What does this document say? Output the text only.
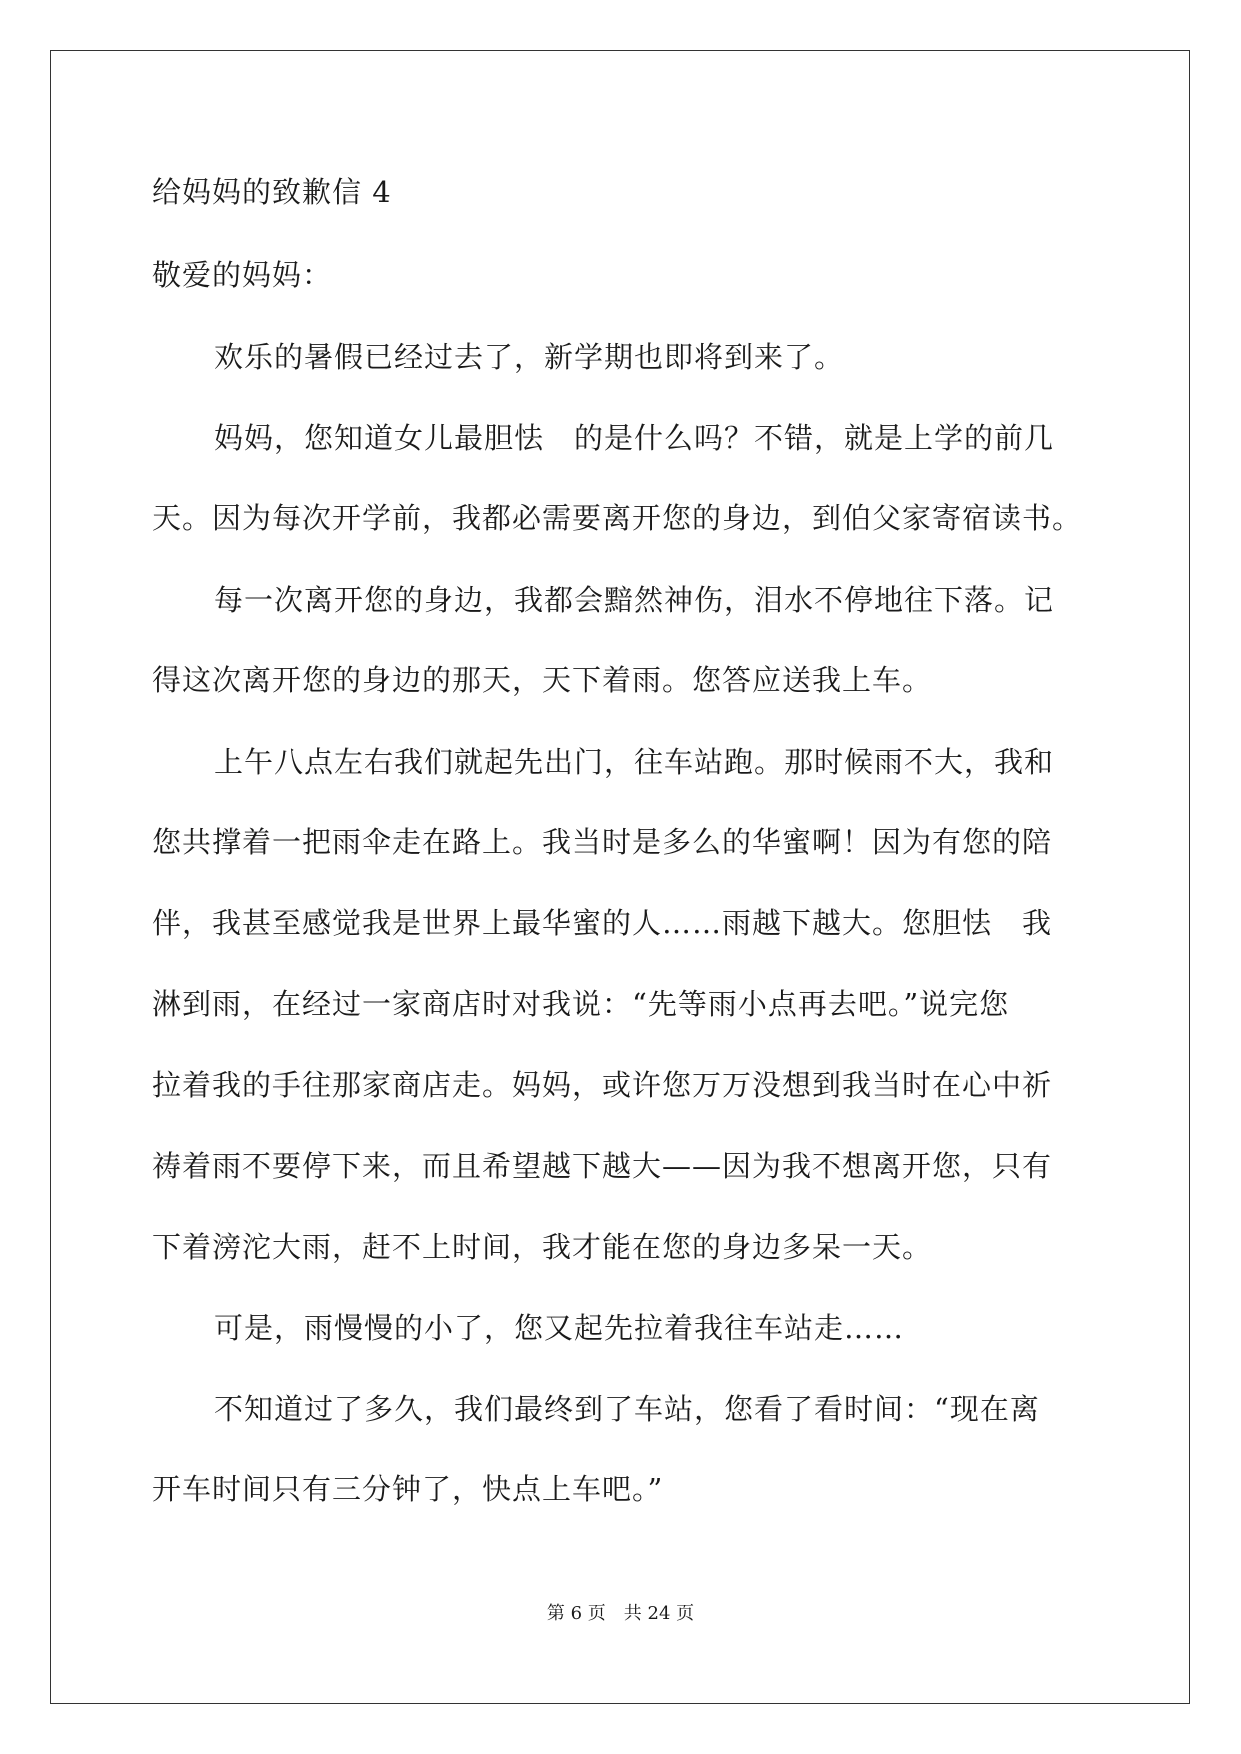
给妈妈的致歉信 4
敬爱的妈妈：
欢乐的暑假已经过去了，新学期也即将到来了。
妈妈，您知道女儿最胆怯　的是什么吗？不错，就是上学的前几
天。因为每次开学前，我都必需要离开您的身边，到伯父家寄宿读书。
每一次离开您的身边，我都会黯然神伤，泪水不停地往下落。记
得这次离开您的身边的那天，天下着雨。您答应送我上车。
上午八点左右我们就起先出门，往车站跑。那时候雨不大，我和
您共撑着一把雨伞走在路上。我当时是多么的华蜜啊！因为有您的陪
伴，我甚至感觉我是世界上最华蜜的人……雨越下越大。您胆怯　我
淋到雨，在经过一家商店时对我说：“先等雨小点再去吧。”说完您
拉着我的手往那家商店走。妈妈，或许您万万没想到我当时在心中祈
祷着雨不要停下来，而且希望越下越大——因为我不想离开您，只有
下着滂沱大雨，赶不上时间，我才能在您的身边多呆一天。
可是，雨慢慢的小了，您又起先拉着我往车站走……
不知道过了多久，我们最终到了车站，您看了看时间：“现在离
开车时间只有三分钟了，快点上车吧。”
第 6 页　共 24 页
